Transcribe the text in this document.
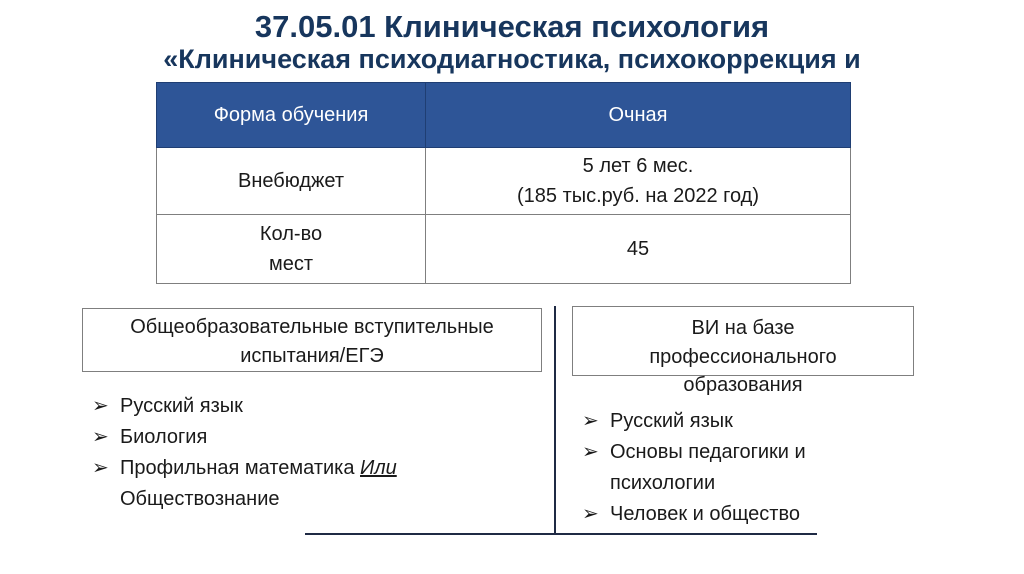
37.05.01 Клиническая психология
«Клиническая психодиагностика, психокоррекция и
Форма обучения	Очная
Внебюджет	5 лет 6 мес.
(185 тыс.руб. на 2022 год)

Кол-во
мест	45
Общеобразовательные вступительные
испытания/ЕГЭ
ВИ на базе
профессионального
образования
➢ Русский язык
➢ Биология
➢ Профильная математика Или
Обществознание
➢ Русский язык
➢ Основы педагогики и психологии
➢ Человек и общество
